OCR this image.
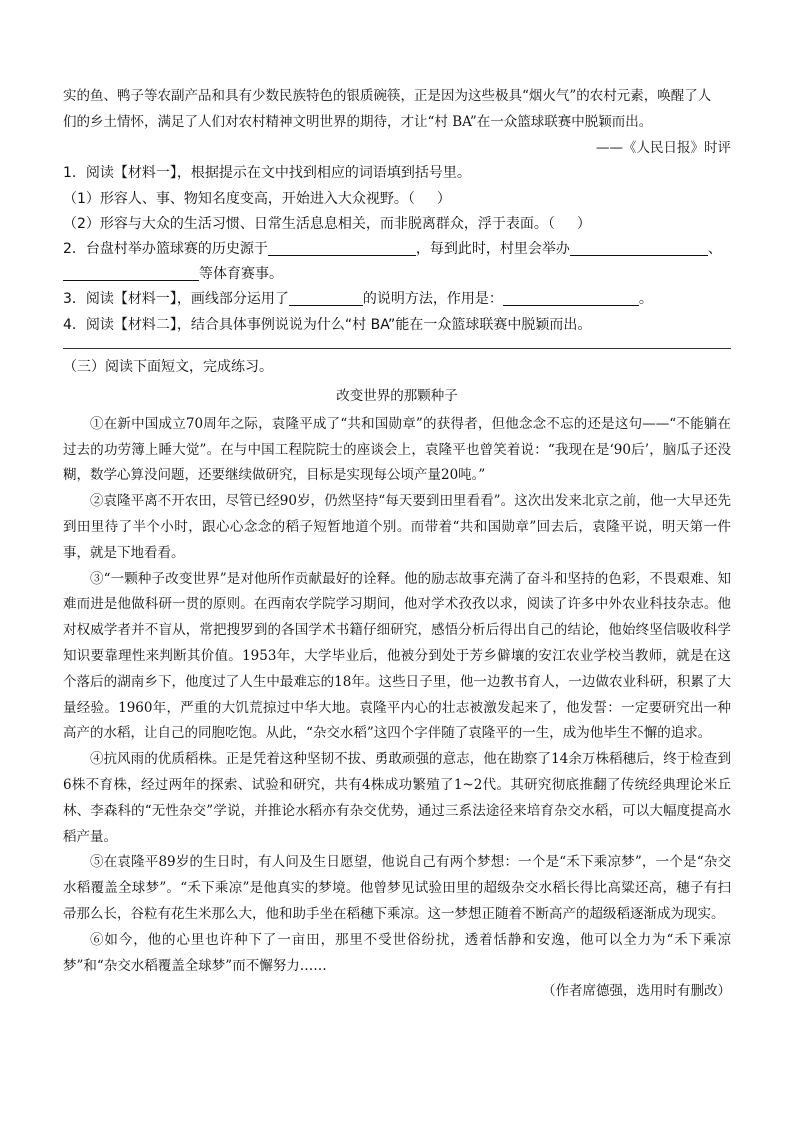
实的鱼、鸭子等农副产品和具有少数民族特色的银质碗筷，正是因为这些极具“烟火气”的农村元素，唤醒了人

们的乡土情怀，满足了人们对农村精神文明世界的期待，才让“村 BA”在一众篮球联赛中脱颖而出。

——《人民日报》时评

1．阅读【材料一】，根据提示在文中找到相应的词语填到括号里。

（1）形容人、事、物知名度变高，开始进入大众视野。（ ）

（2）形容与大众的生活习惯、日常生活息息相关，而非脱离群众，浮于表面。（ ）

2．台盘村举办篮球赛的历史源于	，每到此时，村里会举办	、

等体育赛事。

3．阅读【材料一】，画线部分运用了	的说明方法，作用是：	。

4．阅读【材料二】，结合具体事例说说为什么“村 BA”能在一众篮球联赛中脱颖而出。

（三）阅读下面短文，完成练习。

改变世界的那颗种子

①在新中国成立70周年之际，袁隆平成了“共和国勋章”的获得者，但他念念不忘的还是这句——“不能躺在过去的功劳簿上睡大觉”。在与中国工程院院士的座谈会上，袁隆平也曾笑着说：“我现在是‘90后’，脑瓜子还没糊，数学心算没问题，还要继续做研究，目标是实现每公顷产量20吨。”

②袁隆平离不开农田，尽管已经90岁，仍然坚持“每天要到田里看看”。这次出发来北京之前，他一大早还先到田里待了半个小时，跟心心念念的稻子短暂地道个别。而带着“共和国勋章”回去后，袁隆平说，明天第一件事，就是下地看看。

③“一颗种子改变世界”是对他所作贡献最好的诠释。他的励志故事充满了奋斗和坚持的色彩，不畏艰难、知难而进是他做科研一贯的原则。在西南农学院学习期间，他对学术孜孜以求，阅读了许多中外农业科技杂志。他对权威学者并不盲从，常把搜罗到的各国学术书籍仔细研究，感悟分析后得出自己的结论，他始终坚信吸收科学知识要靠理性来判断其价值。1953年，大学毕业后，他被分到处于芳乡僻壤的安江农业学校当教师，就是在这个落后的湖南乡下，他度过了人生中最难忘的18年。这些日子里，他一边教书育人，一边做农业科研，积累了大量经验。1960年，严重的大饥荒掠过中华大地。袁隆平内心的壮志被激发起来了，他发誓：一定要研究出一种高产的水稻，让自己的同胞吃饱。从此，“杂交水稻”这四个字伴随了袁隆平的一生，成为他毕生不懈的追求。

④抗风雨的优质稻株。正是凭着这种坚韧不拔、勇敢顽强的意志，他在勘察了14余万株稻穗后，终于检查到6株不育株，经过两年的探索、试验和研究，共有4株成功繁殖了1~2代。其研究彻底推翻了传统经典理论米丘林、李森科的“无性杂交”学说，并推论水稻亦有杂交优势，通过三系法途径来培育杂交水稻，可以大幅度提高水稻产量。

⑤在袁隆平89岁的生日时，有人问及生日愿望，他说自己有两个梦想：一个是“禾下乘凉梦”，一个是“杂交水稻覆盖全球梦”。“禾下乘凉”是他真实的梦境。他曾梦见试验田里的超级杂交水稻长得比高粱还高，穗子有扫帚那么长，谷粒有花生米那么大，他和助手坐在稻穗下乘凉。这一梦想正随着不断高产的超级稻逐渐成为现实。

⑥如今，他的心里也许种下了一亩田，那里不受世俗纷扰，透着恬静和安逸，他可以全力为“禾下乘凉梦”和“杂交水稻覆盖全球梦”而不懈努力……

（作者席德强，选用时有删改）
